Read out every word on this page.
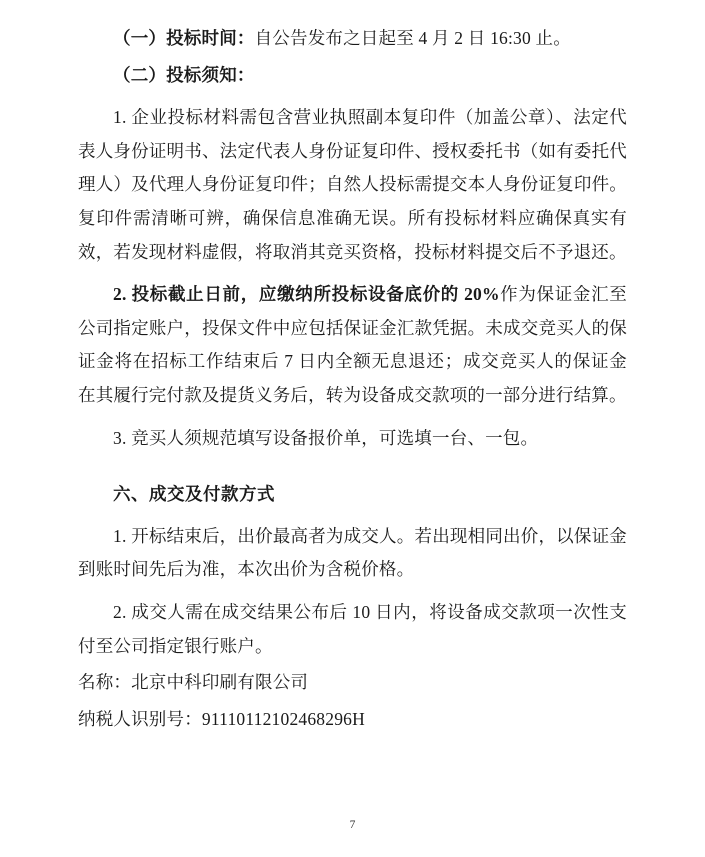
（一）投标时间：自公告发布之日起至 4 月 2 日 16:30 止。

（二）投标须知：

1. 企业投标材料需包含营业执照副本复印件（加盖公章）、法定代表人身份证明书、法定代表人身份证复印件、授权委托书（如有委托代理人）及代理人身份证复印件；自然人投标需提交本人身份证复印件。复印件需清晰可辨，确保信息准确无误。所有投标材料应确保真实有效，若发现材料虚假，将取消其竞买资格，投标材料提交后不予退还。

2. 投标截止日前，应缴纳所投标设备底价的 20%作为保证金汇至公司指定账户，投保文件中应包括保证金汇款凭据。未成交竞买人的保证金将在招标工作结束后 7 日内全额无息退还；成交竞买人的保证金在其履行完付款及提货义务后，转为设备成交款项的一部分进行结算。

3. 竞买人须规范填写设备报价单，可选填一台、一包。

六、成交及付款方式

1. 开标结束后，出价最高者为成交人。若出现相同出价，以保证金到账时间先后为准，本次出价为含税价格。

2. 成交人需在成交结果公布后 10 日内，将设备成交款项一次性支付至公司指定银行账户。

名称：北京中科印刷有限公司

纳税人识别号：91110112102468296H

7
